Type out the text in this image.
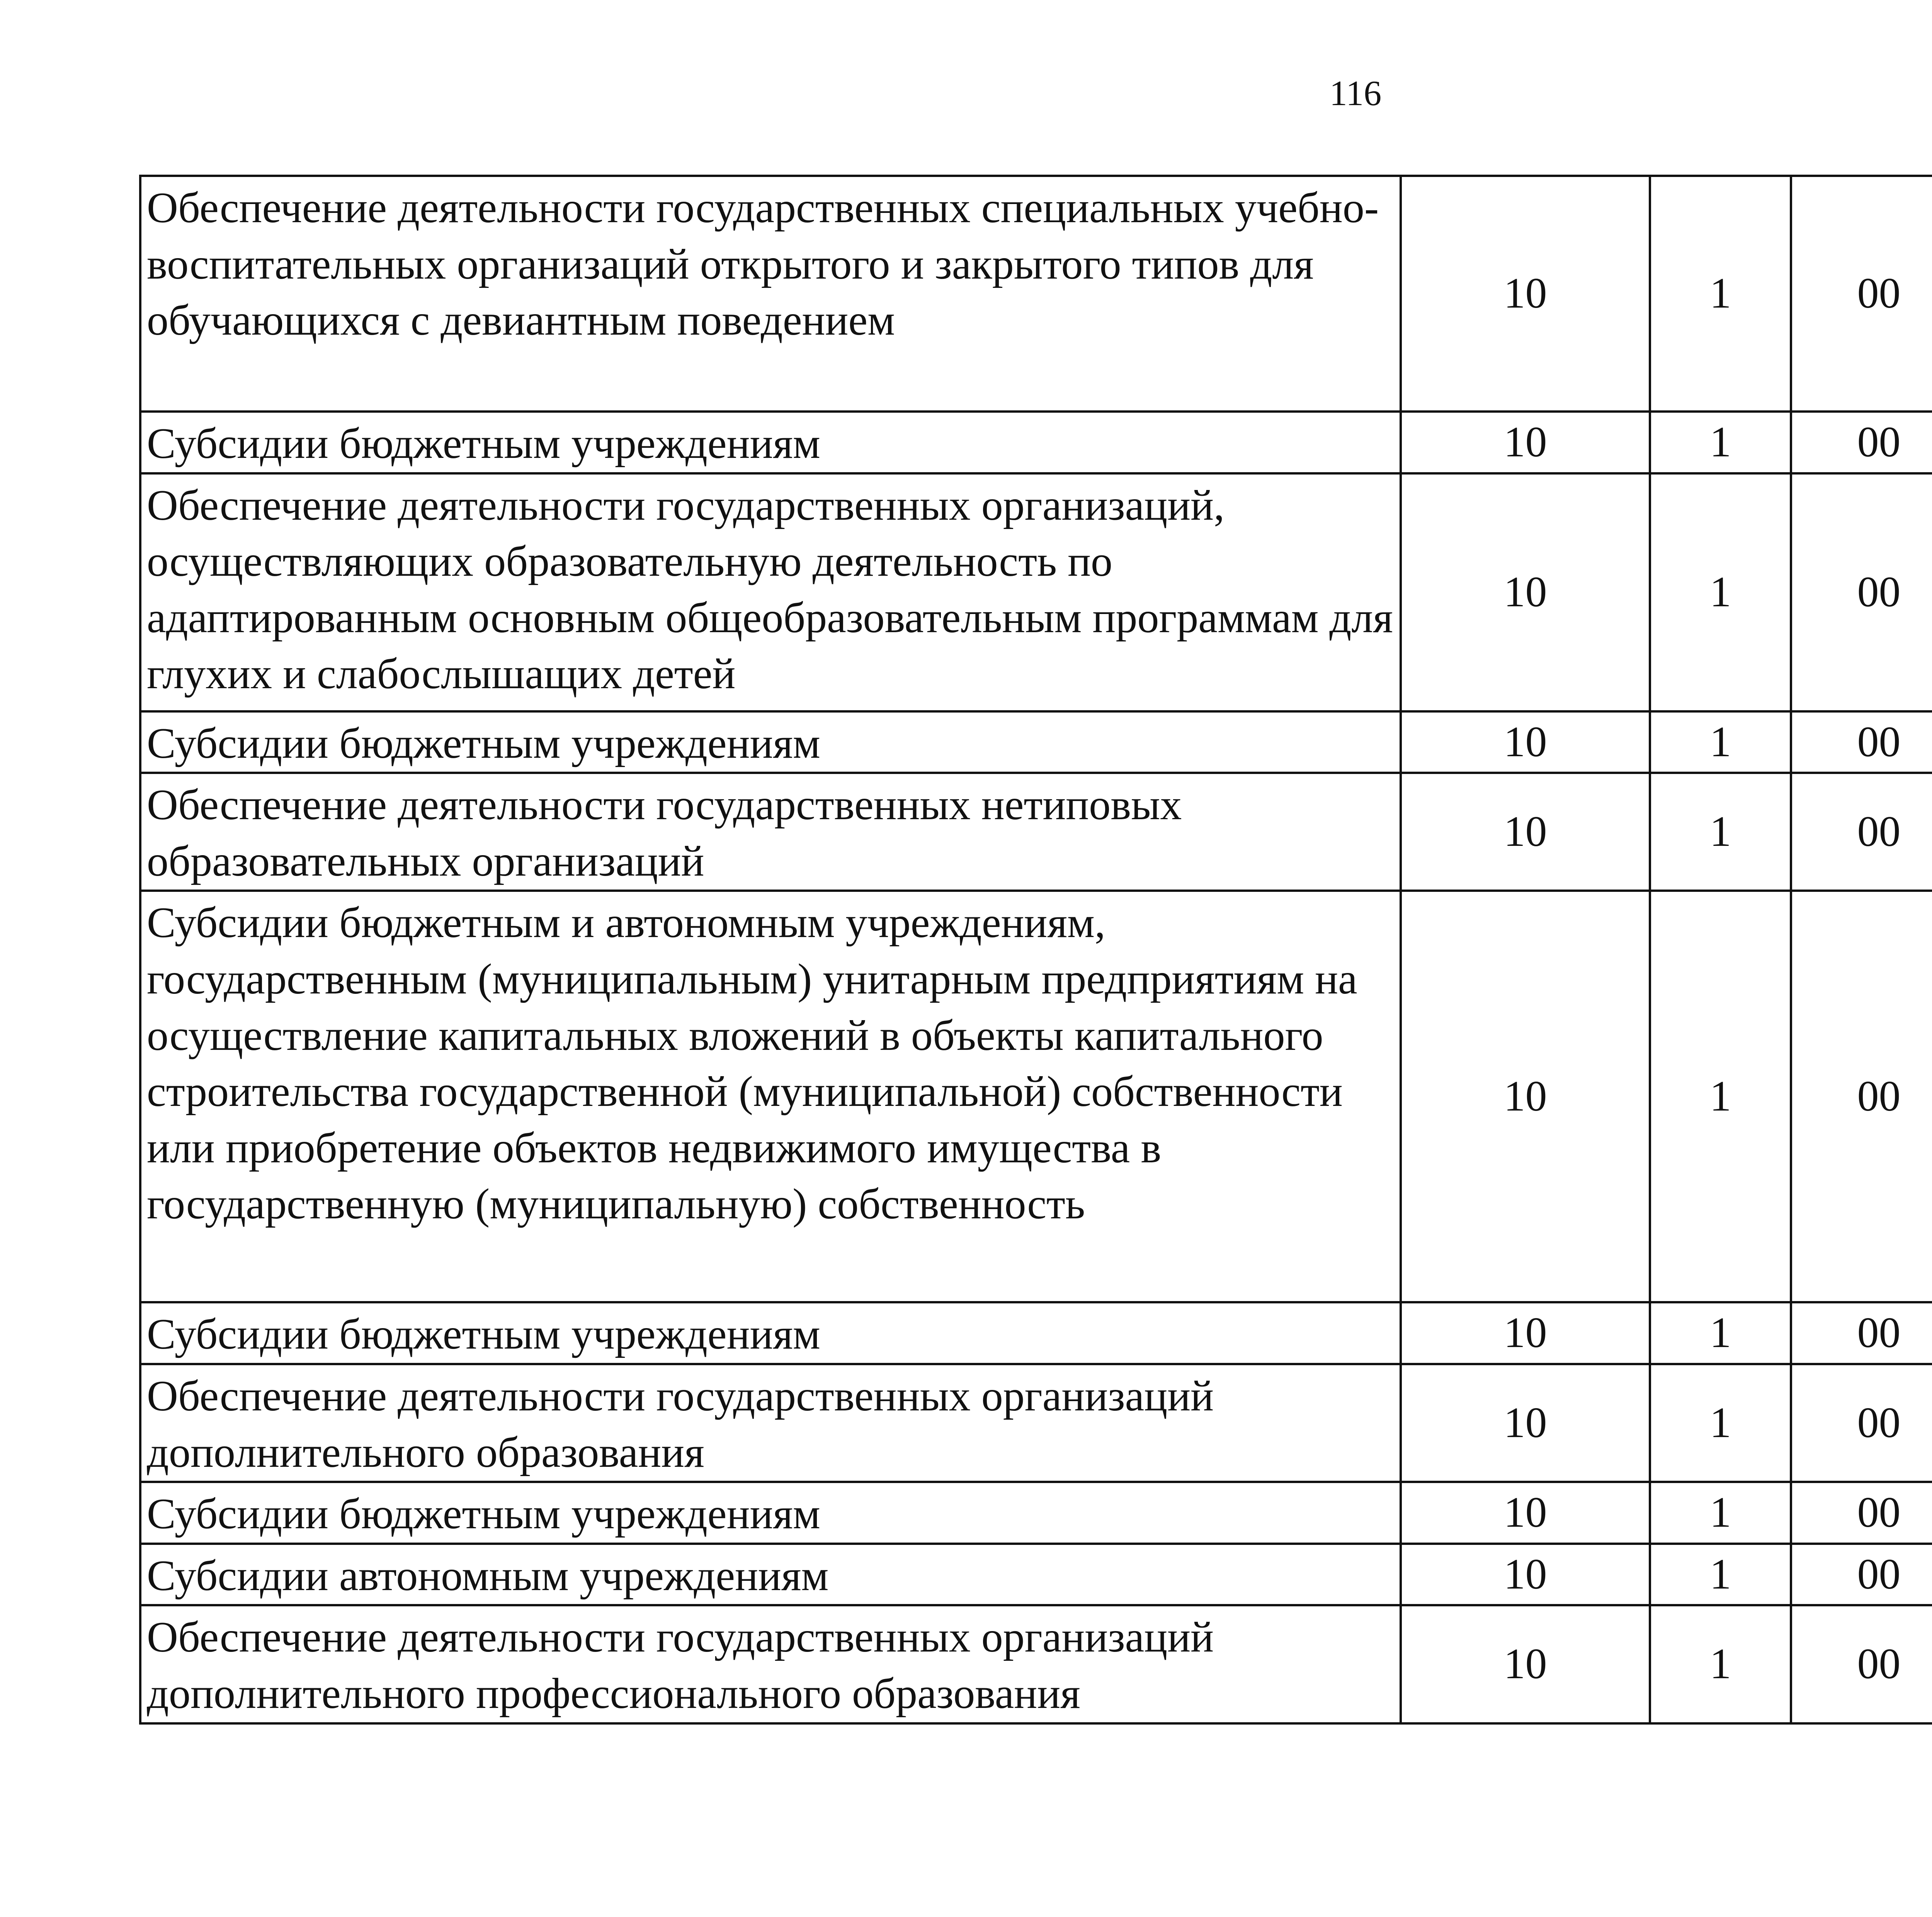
116
Обеспечение деятельности государственных специальных учебно-воспитательных организаций открытого и закрытого типов для обучающихся с девиантным поведением	10	1	00			
Субсидии бюджетным учреждениям	10	1	00			
Обеспечение деятельности государственных организаций, осуществляющих образовательную деятельность по адаптированным основным общеобразовательным программам для глухих и слабослышащих детей	10	1	00			
Субсидии бюджетным учреждениям	10	1	00			
Обеспечение деятельности государственных нетиповых образовательных организаций	10	1	00			
Субсидии бюджетным и автономным учреждениям, государственным (муниципальным) унитарным предприятиям на осуществление капитальных вложений в объекты капитального строительства государственной (муниципальной) собственности или приобретение объектов недвижимого имущества в государственную (муниципальную) собственность	10	1	00			
Субсидии бюджетным учреждениям	10	1	00			
Обеспечение деятельности государственных организаций дополнительного образования	10	1	00			
Субсидии бюджетным учреждениям	10	1	00			
Субсидии автономным учреждениям	10	1	00			
Обеспечение деятельности государственных организаций дополнительного профессионального образования	10	1	00			
